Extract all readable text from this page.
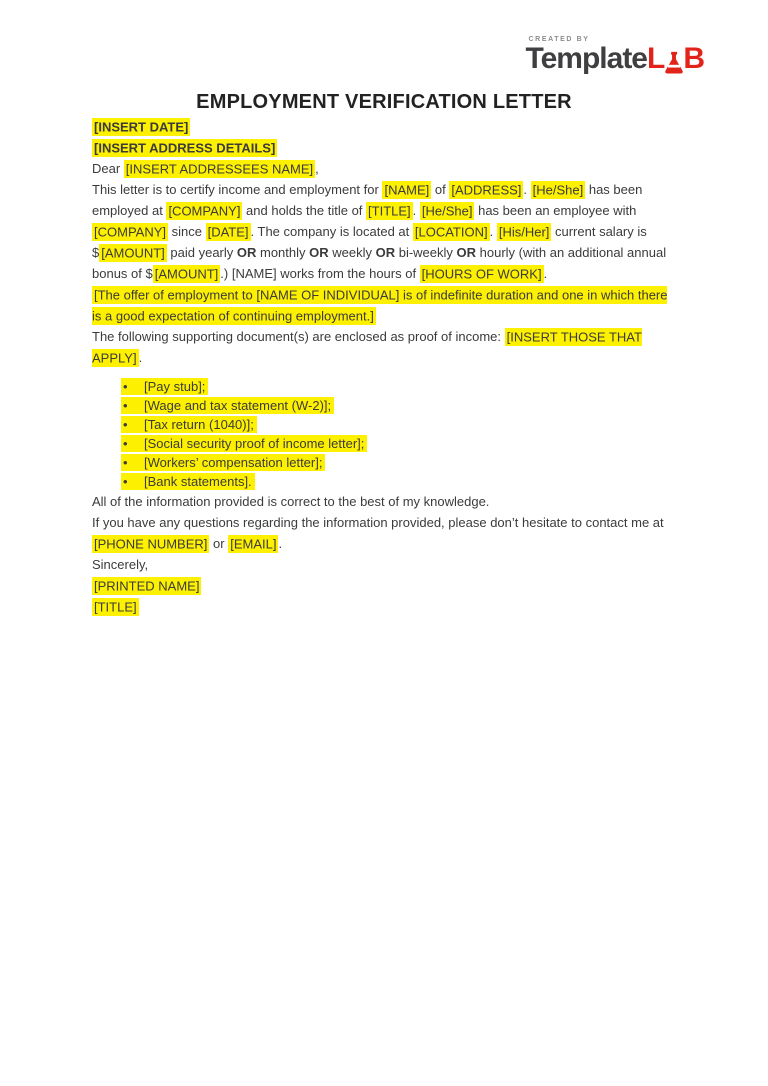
CREATED BY
Template L B
EMPLOYMENT VERIFICATION LETTER

[INSERT DATE]

[INSERT ADDRESS DETAILS]

Dear [INSERT ADDRESSEES NAME] ,

This letter is to certify income and employment for [NAME] of [ADDRESS] . [He/She] has been employed at [COMPANY] and holds the title of [TITLE] . [He/She] has been an employee with [COMPANY] since [DATE] . The company is located at [LOCATION] . [His/Her] current salary is $ [AMOUNT] paid yearly OR monthly OR weekly OR bi-weekly OR hourly (with an additional annual bonus of $ [AMOUNT] .) [NAME] works from the hours of [HOURS OF WORK] .

[The offer of employment to [NAME OF INDIVIDUAL] is of indefinite duration and one in which there is a good expectation of continuing employment.]

The following supporting document(s) are enclosed as proof of income: [INSERT THOSE THAT APPLY] .

• [Pay stub];
• [Wage and tax statement (W-2)];
• [Tax return (1040)];
• [Social security proof of income letter];
• [Workers’ compensation letter];
• [Bank statements].

All of the information provided is correct to the best of my knowledge.
If you have any questions regarding the information provided, please don’t hesitate to contact me at [PHONE NUMBER] or [EMAIL] .

Sincerely,

[PRINTED NAME]

[TITLE]
